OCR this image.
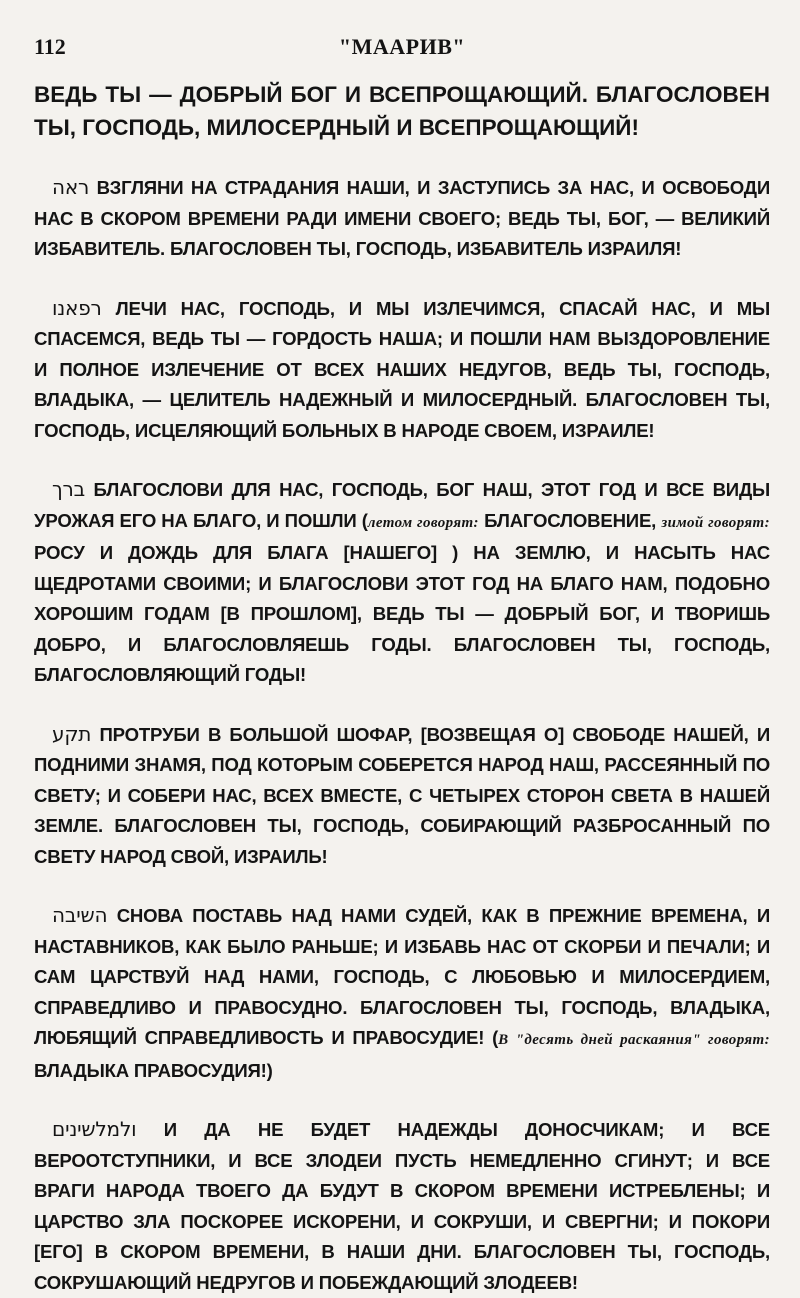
112	"МААРИВ"

ВЕДЬ ТЫ — ДОБРЫЙ БОГ И ВСЕПРОЩАЮЩИЙ. БЛАГОСЛОВЕН ТЫ, ГОСПОДЬ, МИЛОСЕРДНЫЙ И ВСЕПРОЩАЮЩИЙ!

ראה ВЗГЛЯНИ НА СТРАДАНИЯ НАШИ, И ЗАСТУПИСЬ ЗА НАС, И ОСВОБОДИ НАС В СКОРОМ ВРЕМЕНИ РАДИ ИМЕНИ СВОЕГО; ВЕДЬ ТЫ, БОГ, — ВЕЛИКИЙ ИЗБАВИТЕЛЬ. БЛАГОСЛОВЕН ТЫ, ГОСПОДЬ, ИЗБАВИТЕЛЬ ИЗРАИЛЯ!

רפאנו ЛЕЧИ НАС, ГОСПОДЬ, И МЫ ИЗЛЕЧИМСЯ, СПАСАЙ НАС, И МЫ СПАСЕМСЯ, ВЕДЬ ТЫ — ГОРДОСТЬ НАША; И ПОШЛИ НАМ ВЫЗДОРОВЛЕНИЕ И ПОЛНОЕ ИЗЛЕЧЕНИЕ ОТ ВСЕХ НАШИХ НЕДУГОВ, ВЕДЬ ТЫ, ГОСПОДЬ, ВЛАДЫКА, — ЦЕЛИТЕЛЬ НАДЕЖНЫЙ И МИЛОСЕРДНЫЙ. БЛАГОСЛОВЕН ТЫ, ГОСПОДЬ, ИСЦЕЛЯЮЩИЙ БОЛЬНЫХ В НАРОДЕ СВОЕМ, ИЗРАИЛЕ!

ברך БЛАГОСЛОВИ ДЛЯ НАС, ГОСПОДЬ, БОГ НАШ, ЭТОТ ГОД И ВСЕ ВИДЫ УРОЖАЯ ЕГО НА БЛАГО, И ПОШЛИ (летом говорят: БЛАГОСЛОВЕНИЕ, зимой говорят: РОСУ И ДОЖДЬ ДЛЯ БЛАГА [НАШЕГО] ) НА ЗЕМЛЮ, И НАСЫТЬ НАС ЩЕДРОТАМИ СВОИМИ; И БЛАГОСЛОВИ ЭТОТ ГОД НА БЛАГО НАМ, ПОДОБНО ХОРОШИМ ГОДАМ [В ПРОШЛОМ], ВЕДЬ ТЫ — ДОБРЫЙ БОГ, И ТВОРИШЬ ДОБРО, И БЛАГОСЛОВЛЯЕШЬ ГОДЫ. БЛАГОСЛОВЕН ТЫ, ГОСПОДЬ, БЛАГОСЛОВЛЯЮЩИЙ ГОДЫ!

תקע ПРОТРУБИ В БОЛЬШОЙ ШОФАР, [ВОЗВЕЩАЯ О] СВОБОДЕ НАШЕЙ, И ПОДНИМИ ЗНАМЯ, ПОД КОТОРЫМ СОБЕРЕТСЯ НАРОД НАШ, РАССЕЯННЫЙ ПО СВЕТУ; И СОБЕРИ НАС, ВСЕХ ВМЕСТЕ, С ЧЕТЫРЕХ СТОРОН СВЕТА В НАШЕЙ ЗЕМЛЕ. БЛАГОСЛОВЕН ТЫ, ГОСПОДЬ, СОБИРАЮЩИЙ РАЗБРОСАННЫЙ ПО СВЕТУ НАРОД СВОЙ, ИЗРАИЛЬ!

השיבה СНОВА ПОСТАВЬ НАД НАМИ СУДЕЙ, КАК В ПРЕЖНИЕ ВРЕМЕНА, И НАСТАВНИКОВ, КАК БЫЛО РАНЬШЕ; И ИЗБАВЬ НАС ОТ СКОРБИ И ПЕЧАЛИ; И САМ ЦАРСТВУЙ НАД НАМИ, ГОСПОДЬ, С ЛЮБОВЬЮ И МИЛОСЕРДИЕМ, СПРАВЕДЛИВО И ПРАВОСУДНО. БЛАГОСЛОВЕН ТЫ, ГОСПОДЬ, ВЛАДЫКА, ЛЮБЯЩИЙ СПРАВЕДЛИВОСТЬ И ПРАВОСУДИЕ! (В "десять дней раскаяния" говорят: ВЛАДЫКА ПРАВОСУДИЯ!)

ולמלשינים И ДА НЕ БУДЕТ НАДЕЖДЫ ДОНОСЧИКАМ; И ВСЕ ВЕРООТСТУПНИКИ, И ВСЕ ЗЛОДЕИ ПУСТЬ НЕМЕДЛЕННО СГИНУТ; И ВСЕ ВРАГИ НАРОДА ТВОЕГО ДА БУДУТ В СКОРОМ ВРЕМЕНИ ИСТРЕБЛЕНЫ; И ЦАРСТВО ЗЛА ПОСКОРЕЕ ИСКОРЕНИ, И СОКРУШИ, И СВЕРГНИ; И ПОКОРИ [ЕГО] В СКОРОМ ВРЕМЕНИ, В НАШИ ДНИ. БЛАГОСЛОВЕН ТЫ, ГОСПОДЬ, СОКРУШАЮЩИЙ НЕДРУГОВ И ПОБЕЖДАЮЩИЙ ЗЛОДЕЕВ!
